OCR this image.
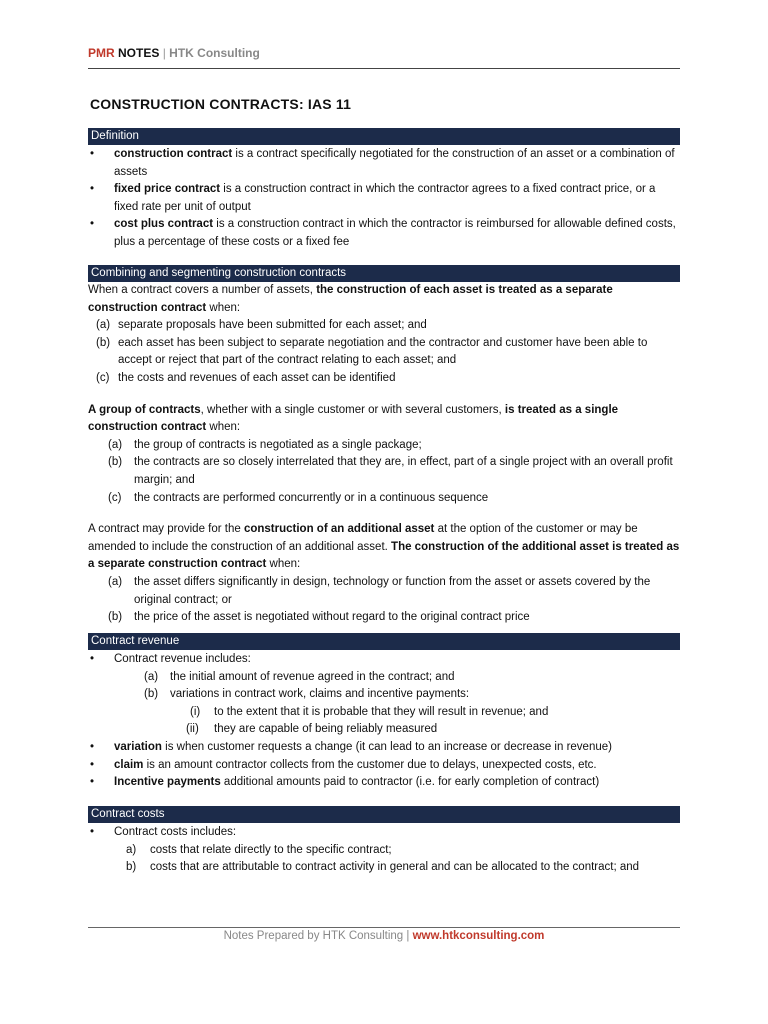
PMR NOTES | HTK Consulting
CONSTRUCTION CONTRACTS: IAS 11
Definition
• construction contract is a contract specifically negotiated for the construction of an asset or a combination of assets
• fixed price contract is a construction contract in which the contractor agrees to a fixed contract price, or a fixed rate per unit of output
• cost plus contract is a construction contract in which the contractor is reimbursed for allowable defined costs, plus a percentage of these costs or a fixed fee
Combining and segmenting construction contracts
When a contract covers a number of assets, the construction of each asset is treated as a separate construction contract when:
(a) separate proposals have been submitted for each asset; and
(b) each asset has been subject to separate negotiation and the contractor and customer have been able to accept or reject that part of the contract relating to each asset; and
(c) the costs and revenues of each asset can be identified
A group of contracts, whether with a single customer or with several customers, is treated as a single construction contract when:
(a) the group of contracts is negotiated as a single package;
(b) the contracts are so closely interrelated that they are, in effect, part of a single project with an overall profit margin; and
(c) the contracts are performed concurrently or in a continuous sequence
A contract may provide for the construction of an additional asset at the option of the customer or may be amended to include the construction of an additional asset. The construction of the additional asset is treated as a separate construction contract when:
(a) the asset differs significantly in design, technology or function from the asset or assets covered by the original contract; or
(b) the price of the asset is negotiated without regard to the original contract price
Contract revenue
• Contract revenue includes:
(a) the initial amount of revenue agreed in the contract; and
(b) variations in contract work, claims and incentive payments:
(i) to the extent that it is probable that they will result in revenue; and
(ii) they are capable of being reliably measured
• variation is when customer requests a change (it can lead to an increase or decrease in revenue)
• claim is an amount contractor collects from the customer due to delays, unexpected costs, etc.
• Incentive payments additional amounts paid to contractor (i.e. for early completion of contract)
Contract costs
• Contract costs includes:
a) costs that relate directly to the specific contract;
b) costs that are attributable to contract activity in general and can be allocated to the contract; and
Notes Prepared by HTK Consulting | www.htkconsulting.com
